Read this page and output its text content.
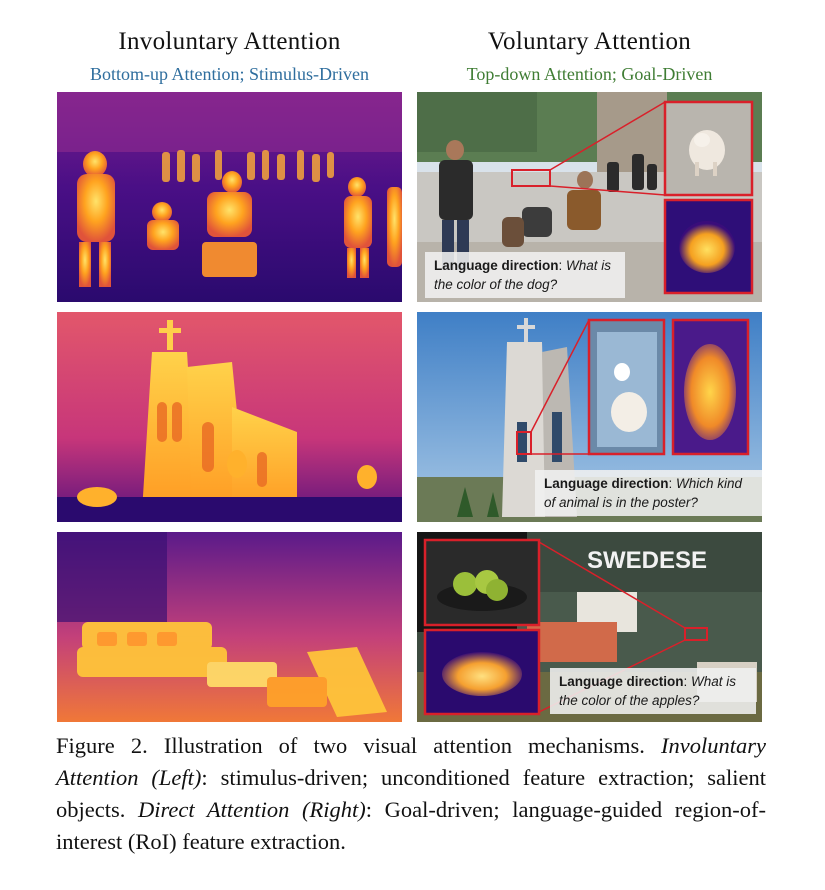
Involuntary Attention
Bottom-up Attention; Stimulus-Driven
Voluntary Attention
Top-down Attention; Goal-Driven
Language direction: What is the color of the dog?
Language direction: Which kind of animal is in the poster?
SWEDESE
Language direction: What is the color of the apples?
Figure 2. Illustration of two visual attention mechanisms. Involuntary Attention (Left): stimulus-driven; unconditioned feature extraction; salient objects. Direct Attention (Right): Goal-driven; language-guided region-of-interest (RoI) feature extraction.
